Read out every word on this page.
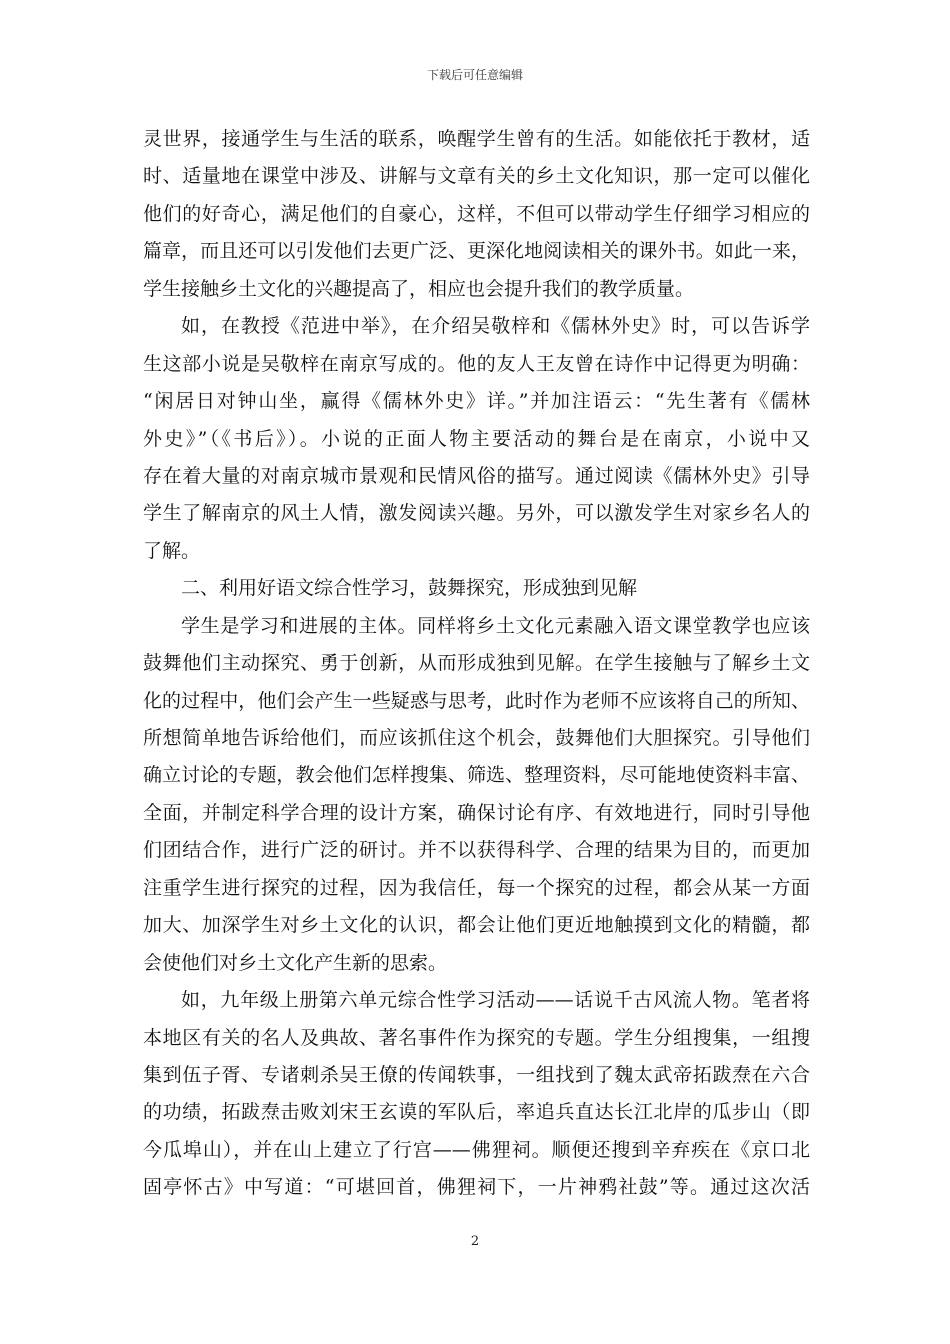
下载后可任意编辑
灵世界，接通学生与生活的联系，唤醒学生曾有的生活。如能依托于教材，适
时、适量地在课堂中涉及、讲解与文章有关的乡土文化知识，那一定可以催化
他们的好奇心，满足他们的自豪心，这样，不但可以带动学生仔细学习相应的
篇章，而且还可以引发他们去更广泛、更深化地阅读相关的课外书。如此一来，
学生接触乡土文化的兴趣提高了，相应也会提升我们的教学质量。
如，在教授《范进中举》，在介绍吴敬梓和《儒林外史》时，可以告诉学
生这部小说是吴敬梓在南京写成的。他的友人王友曾在诗作中记得更为明确：
“闲居日对钟山坐，赢得《儒林外史》详。”并加注语云：“先生著有《儒林
外史》”（《书后》）。小说的正面人物主要活动的舞台是在南京，小说中又
存在着大量的对南京城市景观和民情风俗的描写。通过阅读《儒林外史》引导
学生了解南京的风土人情，激发阅读兴趣。另外，可以激发学生对家乡名人的
了解。
二、利用好语文综合性学习，鼓舞探究，形成独到见解
学生是学习和进展的主体。同样将乡土文化元素融入语文课堂教学也应该
鼓舞他们主动探究、勇于创新，从而形成独到见解。在学生接触与了解乡土文
化的过程中，他们会产生一些疑惑与思考，此时作为老师不应该将自己的所知、
所想简单地告诉给他们，而应该抓住这个机会，鼓舞他们大胆探究。引导他们
确立讨论的专题，教会他们怎样搜集、筛选、整理资料，尽可能地使资料丰富、
全面，并制定科学合理的设计方案，确保讨论有序、有效地进行，同时引导他
们团结合作，进行广泛的研讨。并不以获得科学、合理的结果为目的，而更加
注重学生进行探究的过程，因为我信任，每一个探究的过程，都会从某一方面
加大、加深学生对乡土文化的认识，都会让他们更近地触摸到文化的精髓，都
会使他们对乡土文化产生新的思索。
如，九年级上册第六单元综合性学习活动——话说千古风流人物。笔者将
本地区有关的名人及典故、著名事件作为探究的专题。学生分组搜集，一组搜
集到伍子胥、专诸刺杀吴王僚的传闻轶事，一组找到了魏太武帝拓跋焘在六合
的功绩，拓跋焘击败刘宋王玄谟的军队后，率追兵直达长江北岸的瓜步山（即
今瓜埠山），并在山上建立了行宫——佛狸祠。顺便还搜到辛弃疾在《京口北
固亭怀古》中写道：“可堪回首，佛狸祠下，一片神鸦社鼓”等。通过这次活
2
